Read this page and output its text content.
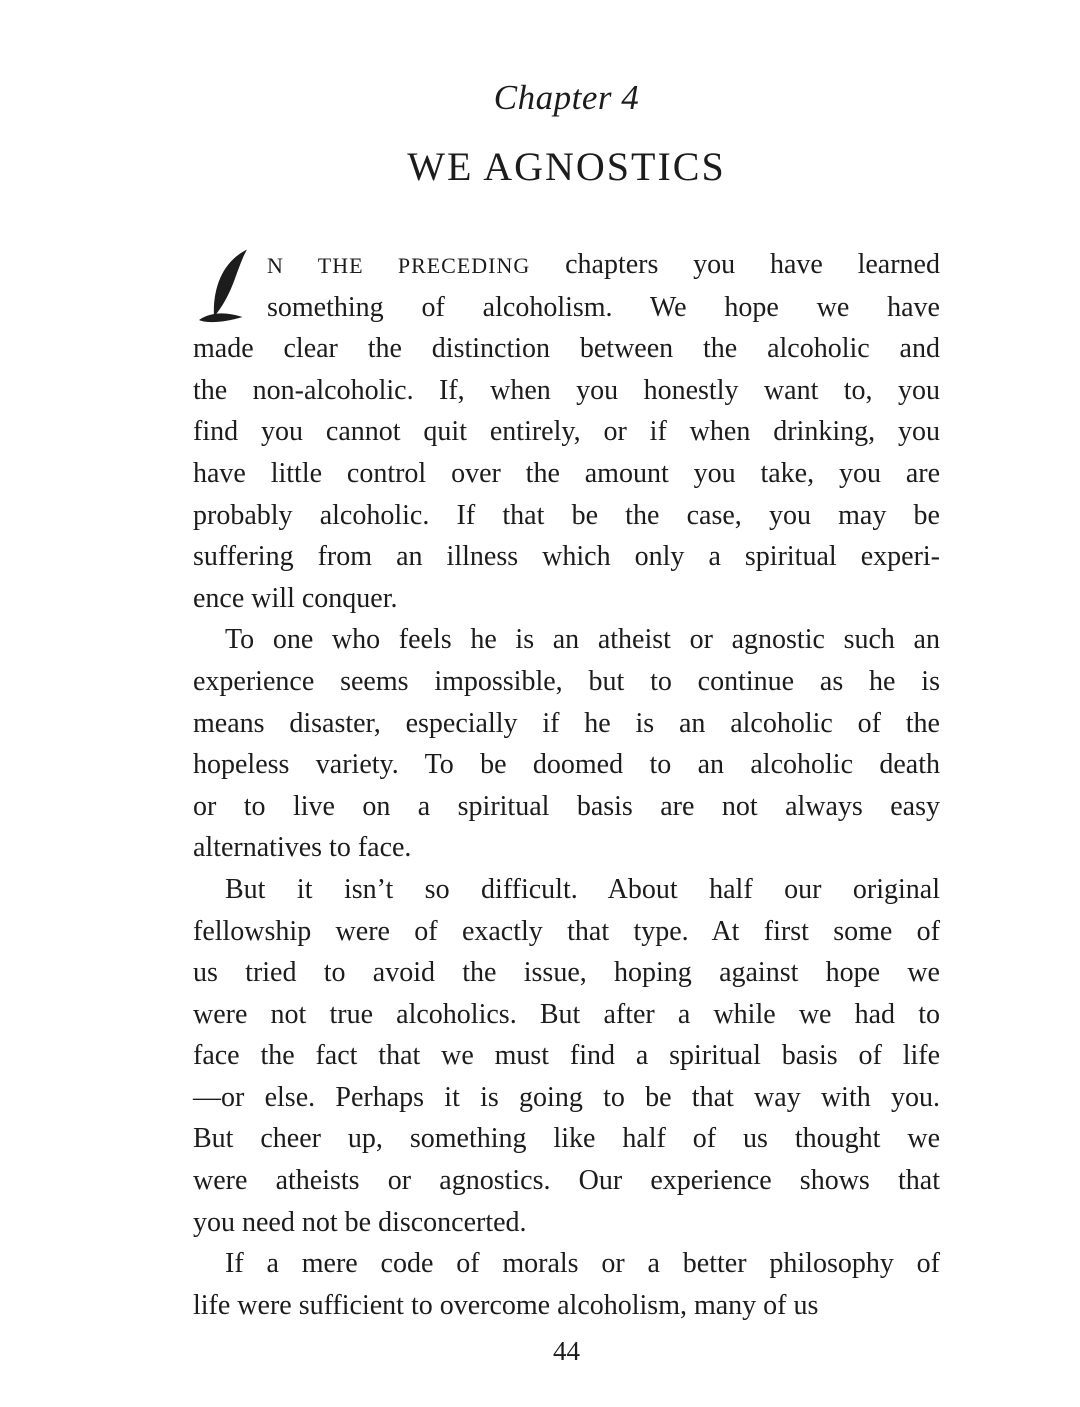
Chapter 4
WE AGNOSTICS
N THE PRECEDING chapters you have learned
something of alcoholism. We hope we have
made clear the distinction between the alcoholic and
the non-alcoholic. If, when you honestly want to, you
find you cannot quit entirely, or if when drinking, you
have little control over the amount you take, you are
probably alcoholic. If that be the case, you may be
suffering from an illness which only a spiritual experi-
ence will conquer.
To one who feels he is an atheist or agnostic such an
experience seems impossible, but to continue as he is
means disaster, especially if he is an alcoholic of the
hopeless variety. To be doomed to an alcoholic death
or to live on a spiritual basis are not always easy
alternatives to face.
But it isn’t so difficult. About half our original
fellowship were of exactly that type. At first some of
us tried to avoid the issue, hoping against hope we
were not true alcoholics. But after a while we had to
face the fact that we must find a spiritual basis of life
—or else. Perhaps it is going to be that way with you.
But cheer up, something like half of us thought we
were atheists or agnostics. Our experience shows that
you need not be disconcerted.
If a mere code of morals or a better philosophy of
life were sufficient to overcome alcoholism, many of us
44
